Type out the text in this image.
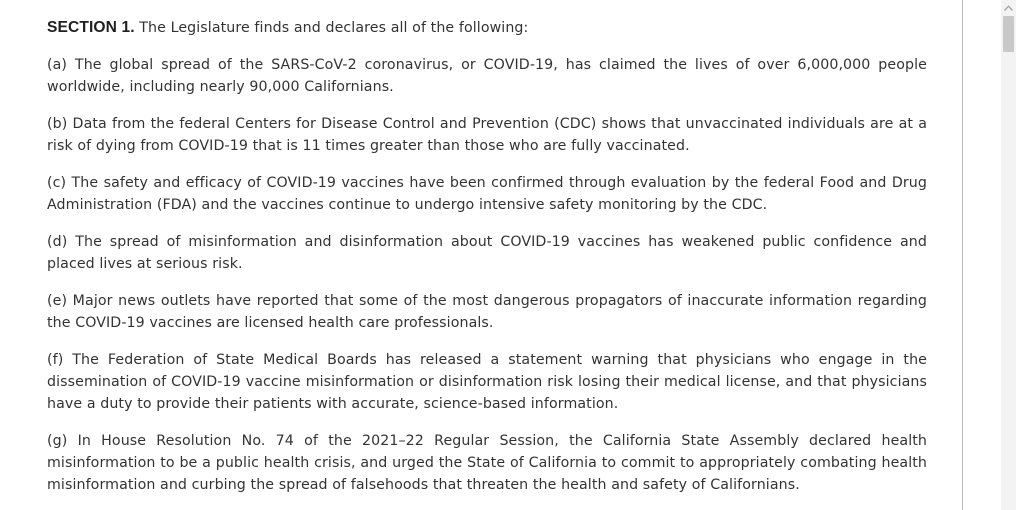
SECTION 1. The Legislature finds and declares all of the following:

(a) The global spread of the SARS-CoV-2 coronavirus, or COVID-19, has claimed the lives of over 6,000,000 people worldwide, including nearly 90,000 Californians.

(b) Data from the federal Centers for Disease Control and Prevention (CDC) shows that unvaccinated individuals are at a risk of dying from COVID-19 that is 11 times greater than those who are fully vaccinated.

(c) The safety and efficacy of COVID-19 vaccines have been confirmed through evaluation by the federal Food and Drug Administration (FDA) and the vaccines continue to undergo intensive safety monitoring by the CDC.

(d) The spread of misinformation and disinformation about COVID-19 vaccines has weakened public confidence and placed lives at serious risk.

(e) Major news outlets have reported that some of the most dangerous propagators of inaccurate information regarding the COVID-19 vaccines are licensed health care professionals.

(f) The Federation of State Medical Boards has released a statement warning that physicians who engage in the dissemination of COVID-19 vaccine misinformation or disinformation risk losing their medical license, and that physicians have a duty to provide their patients with accurate, science-based information.

(g) In House Resolution No. 74 of the 2021–22 Regular Session, the California State Assembly declared health misinformation to be a public health crisis, and urged the State of California to commit to appropriately combating health misinformation and curbing the spread of falsehoods that threaten the health and safety of Californians.
